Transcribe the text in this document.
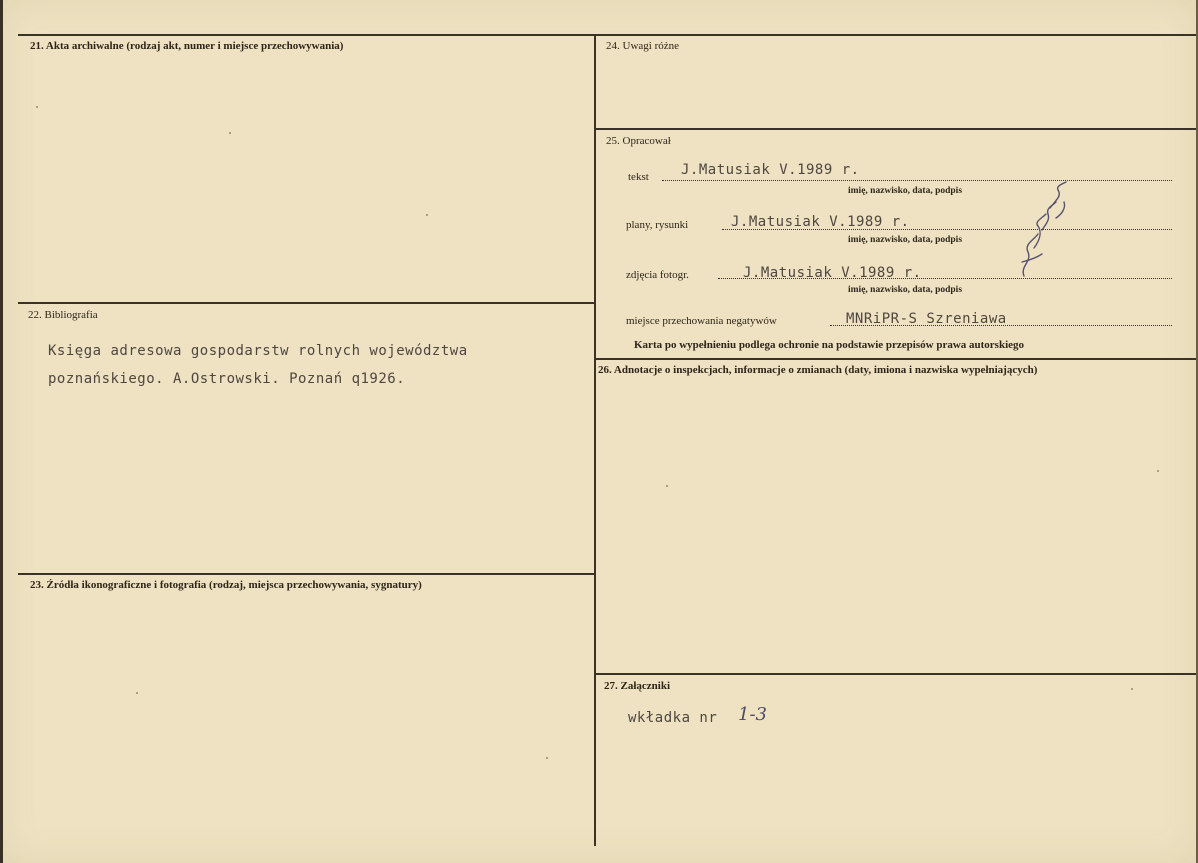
21. Akta archiwalne (rodzaj akt, numer i miejsce przechowywania)
22. Bibliografia
Księga adresowa gospodarstw rolnych województwa
poznańskiego. A.Ostrowski. Poznań q1926.
23. Źródła ikonograficzne i fotografia (rodzaj, miejsca przechowywania, sygnatury)
24. Uwagi różne
25. Opracował
tekst J.Matusiak V.1989 r.
imię, nazwisko, data, podpis
plany, rysunki	J.Matusiak V.1989 r.
imię, nazwisko, data, podpis
zdjęcia fotogr.	J.Matusiak V.1989 r.
imię, nazwisko, data, podpis
miejsce przechowania negatywów	MNRiPR-S Szreniawa
Karta po wypełnieniu podlega ochronie na podstawie przepisów prawa autorskiego
26. Adnotacje o inspekcjach, informacje o zmianach (daty, imiona i nazwiska wypełniających)
27. Załączniki
wkładka nr 1-3
